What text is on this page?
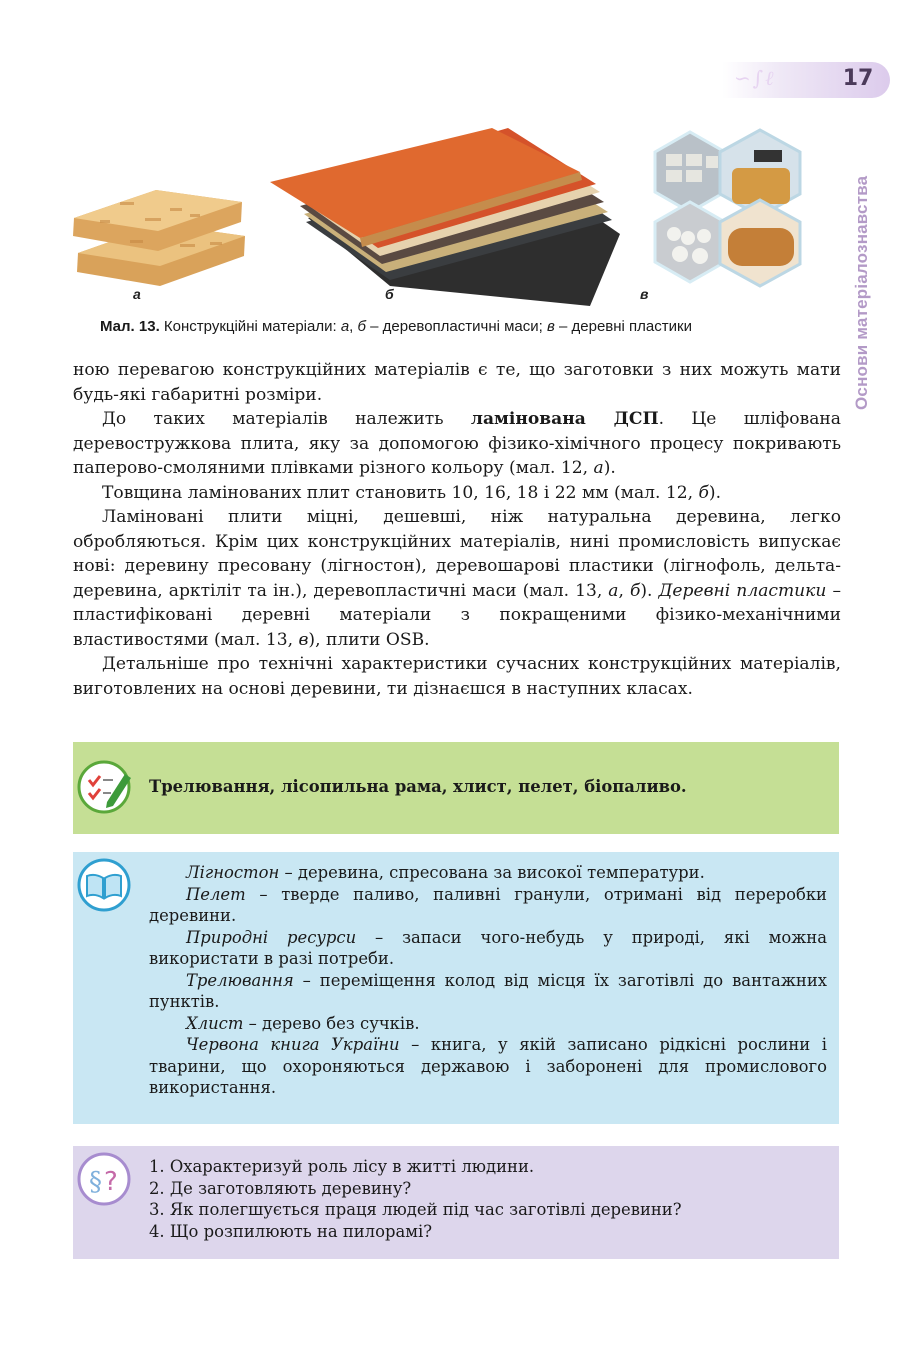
∽∫ℓ	17
Основи матеріалознавства
а	б	в
Мал. 13. Конструкційні матеріали: а, б – деревопластичні маси; в – деревні пластики

ною перевагою конструкційних матеріалів є те, що заготовки з них можуть мати будь-які габаритні розміри.

До таких матеріалів належить ламінована ДСП. Це шліфована деревостружкова плита, яку за допомогою фізико-хімічного процесу покривають паперово-смоляними плівками різного кольору (мал. 12, а).

Товщина ламінованих плит становить 10, 16, 18 і 22 мм (мал. 12, б).

Ламіновані плити міцні, дешевші, ніж натуральна деревина, легко обробляються. Крім цих конструкційних матеріалів, нині промисловість випускає нові: деревину пресовану (лігностон), деревошарові пластики (лігнофоль, дельта-деревина, арктіліт та ін.), деревопластичні маси (мал. 13, а, б). Деревні пластики – пластифіковані деревні матеріали з покращеними фізико-механічними властивостями (мал. 13, в), плити OSB.

Детальніше про технічні характеристики сучасних конструкційних матеріалів, виготовлених на основі деревини, ти дізнаєшся в наступних класах.

Трелювання, лісопильна рама, хлист, пелет, біопаливо.

Лігностон – деревина, спресована за високої температури.

Пелет – тверде паливо, паливні гранули, отримані від переробки деревини.

Природні ресурси – запаси чого-небудь у природі, які можна використати в разі потреби.

Трелювання – переміщення колод від місця їх заготівлі до вантажних пунктів.

Хлист – дерево без сучків.

Червона книга України – книга, у якій записано рідкісні рослини і тварини, що охороняються державою і заборонені для промислового використання.

§ ?

1. Охарактеризуй роль лісу в житті людини.

2. Де заготовляють деревину?

3. Як полегшується праця людей під час заготівлі деревини?

4. Що розпилюють на пилорамі?
